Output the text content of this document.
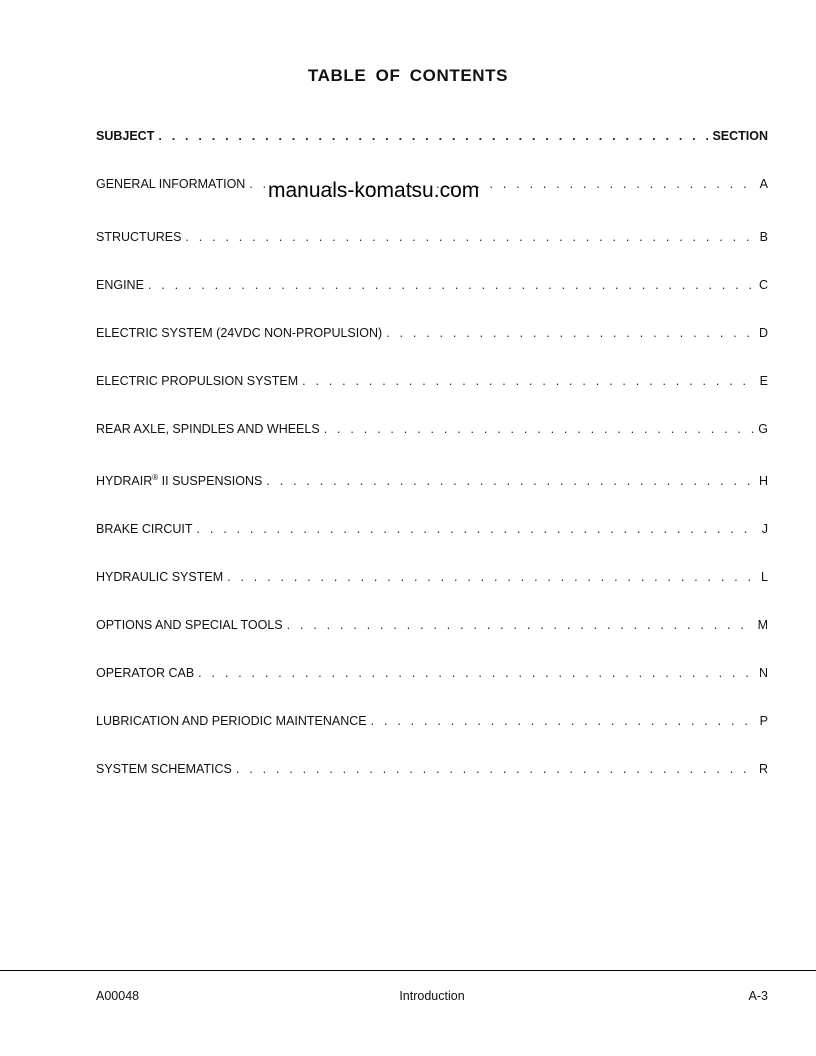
TABLE OF CONTENTS
SUBJECT . . .	SECTION
GENERAL INFORMATION . . .	A
STRUCTURES . . .	B
ENGINE . . .	C
ELECTRIC SYSTEM (24VDC NON-PROPULSION) . . .	D
ELECTRIC PROPULSION SYSTEM . . .	E
REAR AXLE, SPINDLES AND WHEELS . . .	G
HYDRAIR® II SUSPENSIONS . . .	H
BRAKE CIRCUIT . . .	J
HYDRAULIC SYSTEM . . .	L
OPTIONS AND SPECIAL TOOLS . . .	M
OPERATOR CAB . . .	N
LUBRICATION AND PERIODIC MAINTENANCE . . .	P
SYSTEM SCHEMATICS . . .	R
manuals-komatsu.com
A00048	Introduction	A-3
